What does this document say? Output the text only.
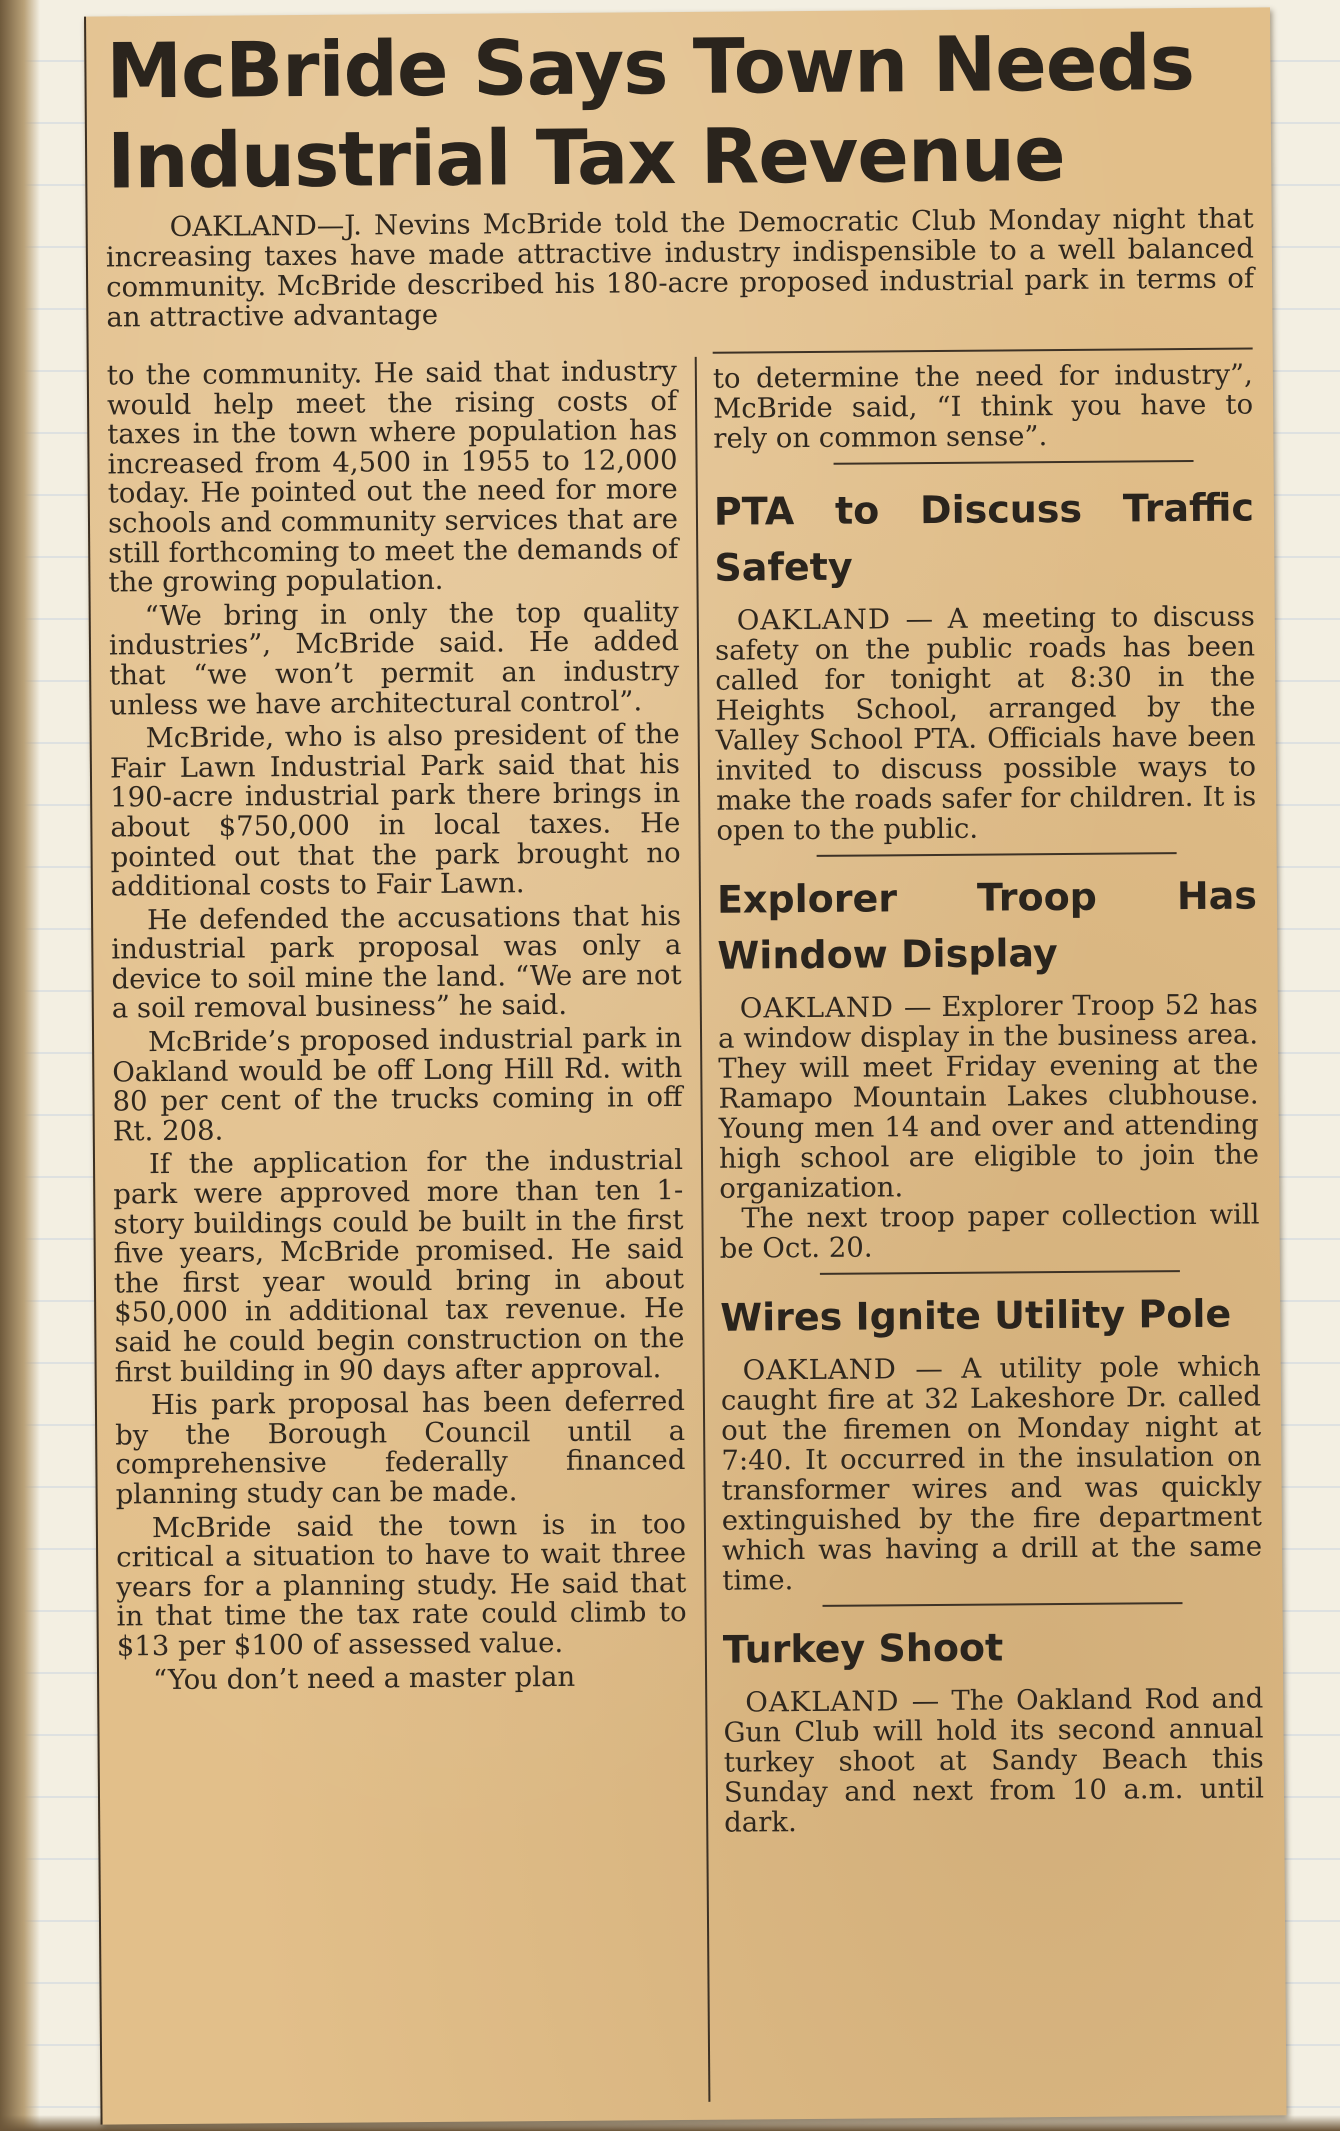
McBride Says Town Needs Industrial Tax Revenue

OAKLAND—J. Nevins McBride told the Democratic Club Monday night that increasing taxes have made attractive industry indispensible to a well balanced community. McBride described his 180-acre proposed industrial park in terms of an attractive advantage

to the community. He said that industry would help meet the rising costs of taxes in the town where population has increased from 4,500 in 1955 to 12,000 today. He pointed out the need for more schools and community services that are still forthcoming to meet the demands of the growing population.

“We bring in only the top quality industries”, McBride said. He added that “we won’t permit an industry unless we have architectural control”.

McBride, who is also president of the Fair Lawn Industrial Park said that his 190-acre industrial park there brings in about $750,000 in local taxes. He pointed out that the park brought no additional costs to Fair Lawn.

He defended the accusations that his industrial park proposal was only a device to soil mine the land. “We are not a soil removal business” he said.

McBride’s proposed industrial park in Oakland would be off Long Hill Rd. with 80 per cent of the trucks coming in off Rt. 208.

If the application for the industrial park were approved more than ten 1-story buildings could be built in the first five years, McBride promised. He said the first year would bring in about $50,000 in additional tax revenue. He said he could begin construction on the first building in 90 days after approval.

His park proposal has been deferred by the Borough Council until a comprehensive federally financed planning study can be made.

McBride said the town is in too critical a situation to have to wait three years for a planning study. He said that in that time the tax rate could climb to $13 per $100 of assessed value.

“You don’t need a master plan

to determine the need for industry”, McBride said, “I think you have to rely on common sense”.

PTA to Discuss Traffic Safety

OAKLAND — A meeting to discuss safety on the public roads has been called for tonight at 8:30 in the Heights School, arranged by the Valley School PTA. Officials have been invited to discuss possible ways to make the roads safer for children. It is open to the public.

Explorer Troop Has Window Display

OAKLAND — Explorer Troop 52 has a window display in the business area. They will meet Friday evening at the Ramapo Mountain Lakes clubhouse. Young men 14 and over and attending high school are eligible to join the organization.

The next troop paper collection will be Oct. 20.

Wires Ignite Utility Pole

OAKLAND — A utility pole which caught fire at 32 Lakeshore Dr. called out the firemen on Monday night at 7:40. It occurred in the insulation on transformer wires and was quickly extinguished by the fire department which was having a drill at the same time.

Turkey Shoot

OAKLAND — The Oakland Rod and Gun Club will hold its second annual turkey shoot at Sandy Beach this Sunday and next from 10 a.m. until dark.
